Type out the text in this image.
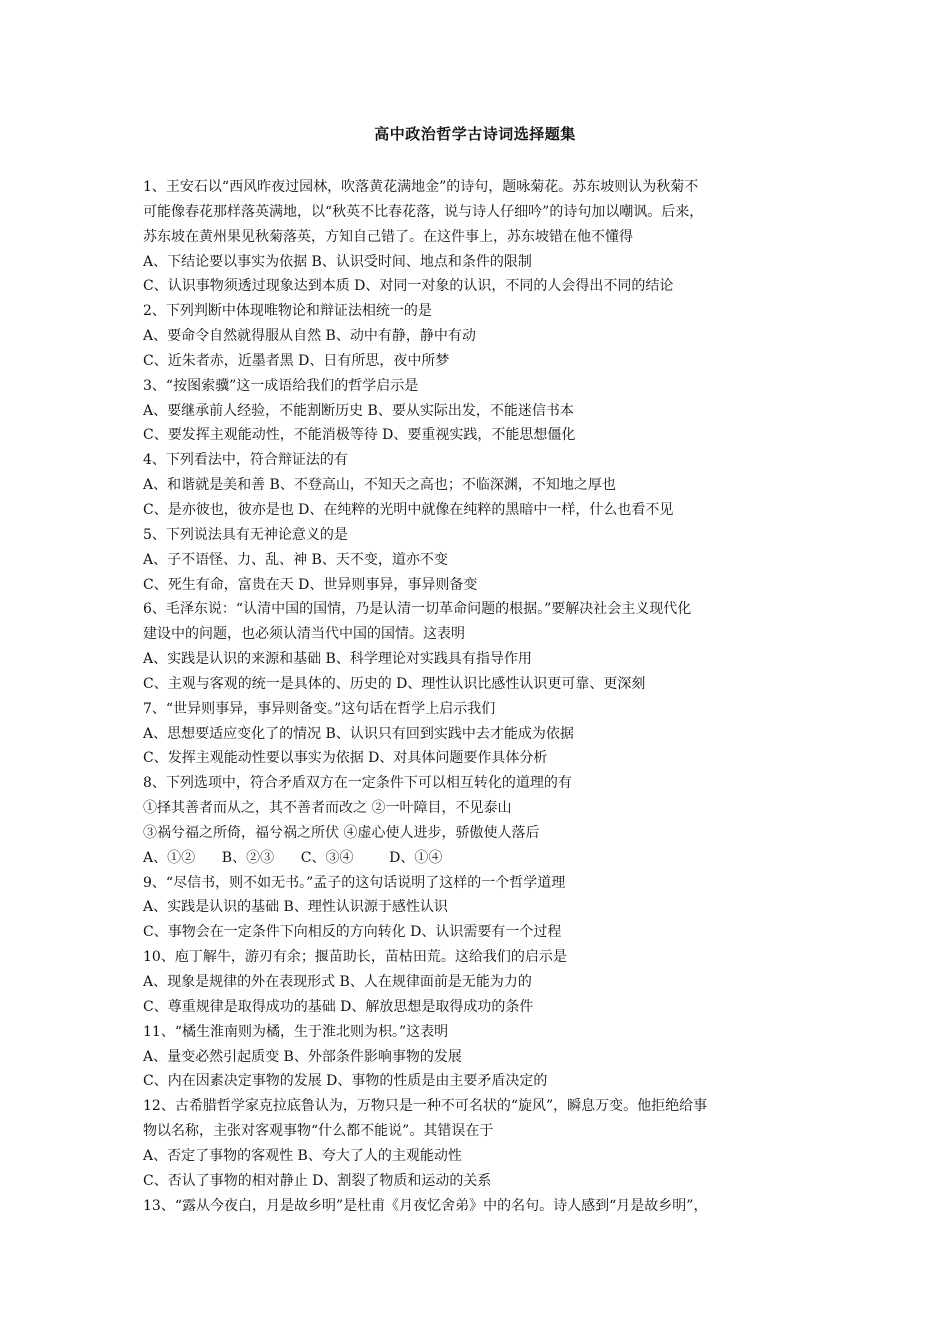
高中政治哲学古诗词选择题集
1、王安石以“西风昨夜过园林，吹落黄花满地金”的诗句，题咏菊花。苏东坡则认为秋菊不
可能像春花那样落英满地，以“秋英不比春花落，说与诗人仔细吟”的诗句加以嘲讽。后来，
苏东坡在黄州果见秋菊落英，方知自己错了。在这件事上，苏东坡错在他不懂得
A、下结论要以事实为依据 B、认识受时间、地点和条件的限制
C、认识事物须透过现象达到本质 D、对同一对象的认识，不同的人会得出不同的结论
2、下列判断中体现唯物论和辩证法相统一的是
A、要命令自然就得服从自然 B、动中有静，静中有动
C、近朱者赤，近墨者黑 D、日有所思，夜中所梦
3、“按图索骥”这一成语给我们的哲学启示是
A、要继承前人经验，不能割断历史 B、要从实际出发，不能迷信书本
C、要发挥主观能动性，不能消极等待 D、要重视实践，不能思想僵化
4、下列看法中，符合辩证法的有
A、和谐就是美和善 B、不登高山，不知天之高也；不临深渊，不知地之厚也
C、是亦彼也，彼亦是也 D、在纯粹的光明中就像在纯粹的黑暗中一样，什么也看不见
5、下列说法具有无神论意义的是
A、子不语怪、力、乱、神 B、天不变，道亦不变
C、死生有命，富贵在天 D、世异则事异，事异则备变
6、毛泽东说：“认清中国的国情，乃是认清一切革命问题的根据。”要解决社会主义现代化
建设中的问题，也必须认清当代中国的国情。这表明
A、实践是认识的来源和基础 B、科学理论对实践具有指导作用
C、主观与客观的统一是具体的、历史的 D、理性认识比感性认识更可靠、更深刻
7、“世异则事异，事异则备变。”这句话在哲学上启示我们
A、思想要适应变化了的情况 B、认识只有回到实践中去才能成为依据
C、发挥主观能动性要以事实为依据 D、对具体问题要作具体分析
8、下列选项中，符合矛盾双方在一定条件下可以相互转化的道理的有
①择其善者而从之，其不善者而改之 ②一叶障目，不见泰山
③祸兮福之所倚，福兮祸之所伏 ④虚心使人进步，骄傲使人落后
A、①②      B、②③      C、③④        D、①④
9、“尽信书，则不如无书。”孟子的这句话说明了这样的一个哲学道理
A、实践是认识的基础 B、理性认识源于感性认识
C、事物会在一定条件下向相反的方向转化 D、认识需要有一个过程
10、庖丁解牛，游刃有余；揠苗助长，苗枯田荒。这给我们的启示是
A、现象是规律的外在表现形式 B、人在规律面前是无能为力的
C、尊重规律是取得成功的基础 D、解放思想是取得成功的条件
11、“橘生淮南则为橘，生于淮北则为枳。”这表明
A、量变必然引起质变 B、外部条件影响事物的发展
C、内在因素决定事物的发展 D、事物的性质是由主要矛盾决定的
12、古希腊哲学家克拉底鲁认为，万物只是一种不可名状的“旋风”，瞬息万变。他拒绝给事
物以名称，主张对客观事物“什么都不能说”。其错误在于
A、否定了事物的客观性 B、夸大了人的主观能动性
C、否认了事物的相对静止 D、割裂了物质和运动的关系
13、“露从今夜白，月是故乡明”是杜甫《月夜忆舍弟》中的名句。诗人感到“月是故乡明”，
